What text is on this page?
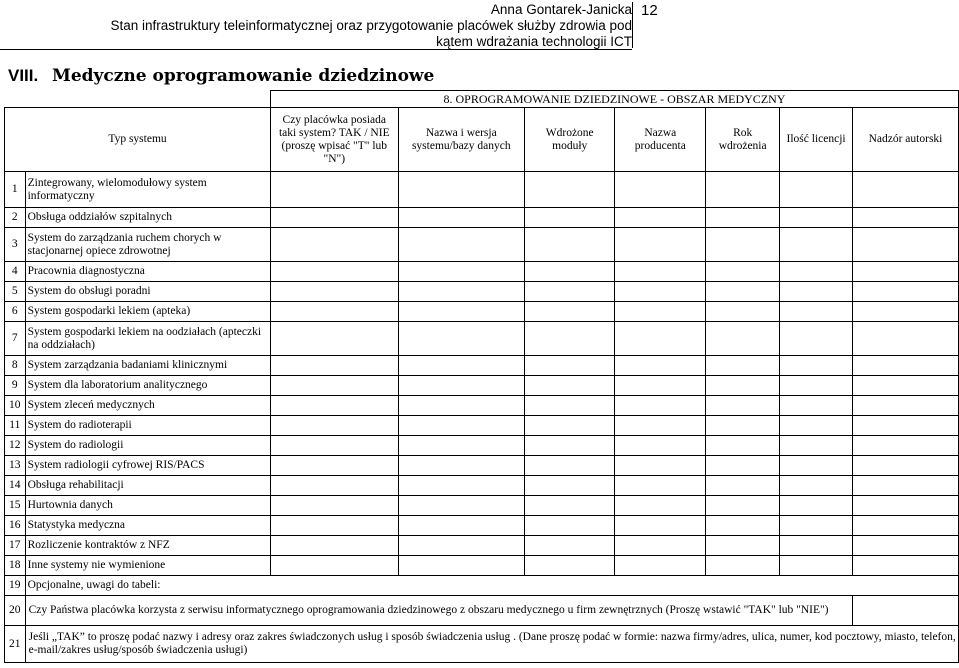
Anna Gontarek-Janicka
Stan infrastruktury teleinformatycznej oraz przygotowanie placówek służby zdrowia pod
kątem wdrażania technologii ICT
12
VIII. Medyczne oprogramowanie dziedzinowe
		8. OPROGRAMOWANIE DZIEDZINOWE - OBSZAR MEDYCZNY						
Typ systemu		Czy placówka posiada taki system? TAK / NIE (proszę wpisać "T" lub "N")	Nazwa i wersja systemu/bazy danych	Wdrożone moduły	Nazwa producenta	Rok wdrożenia	Ilość licencji	Nadzór autorski
1	Zintegrowany, wielomodułowy system informatyczny							
2	Obsługa oddziałów szpitalnych							
3	System do zarządzania ruchem chorych w stacjonarnej opiece zdrowotnej							
4	Pracownia diagnostyczna							
5	System do obsługi poradni							
6	System gospodarki lekiem (apteka)							
7	System gospodarki lekiem na oodziałach (apteczki na oddziałach)							
8	System zarządzania badaniami klinicznymi							
9	System dla laboratorium analitycznego							
10	System zleceń medycznych							
11	System do radioterapii							
12	System do radiologii							
13	System radiologii cyfrowej RIS/PACS							
14	Obsługa rehabilitacji							
15	Hurtownia danych							
16	Statystyka medyczna							
17	Rozliczenie kontraktów z NFZ							
18	Inne systemy nie wymienione							
19	Opcjonalne, uwagi do tabeli:							
20	Czy Państwa placówka korzysta z serwisu informatycznego oprogramowania dziedzinowego z obszaru medycznego u firm zewnętrznych (Proszę wstawić "TAK" lub "NIE")							
21	Jeśli „TAK” to proszę podać nazwy i adresy oraz zakres świadczonych usług i sposób świadczenia usług . (Dane proszę podać w formie: nazwa firmy/adres, ulica, numer, kod pocztowy, miasto, telefon, e-mail/zakres usług/sposób świadczenia usługi)							
